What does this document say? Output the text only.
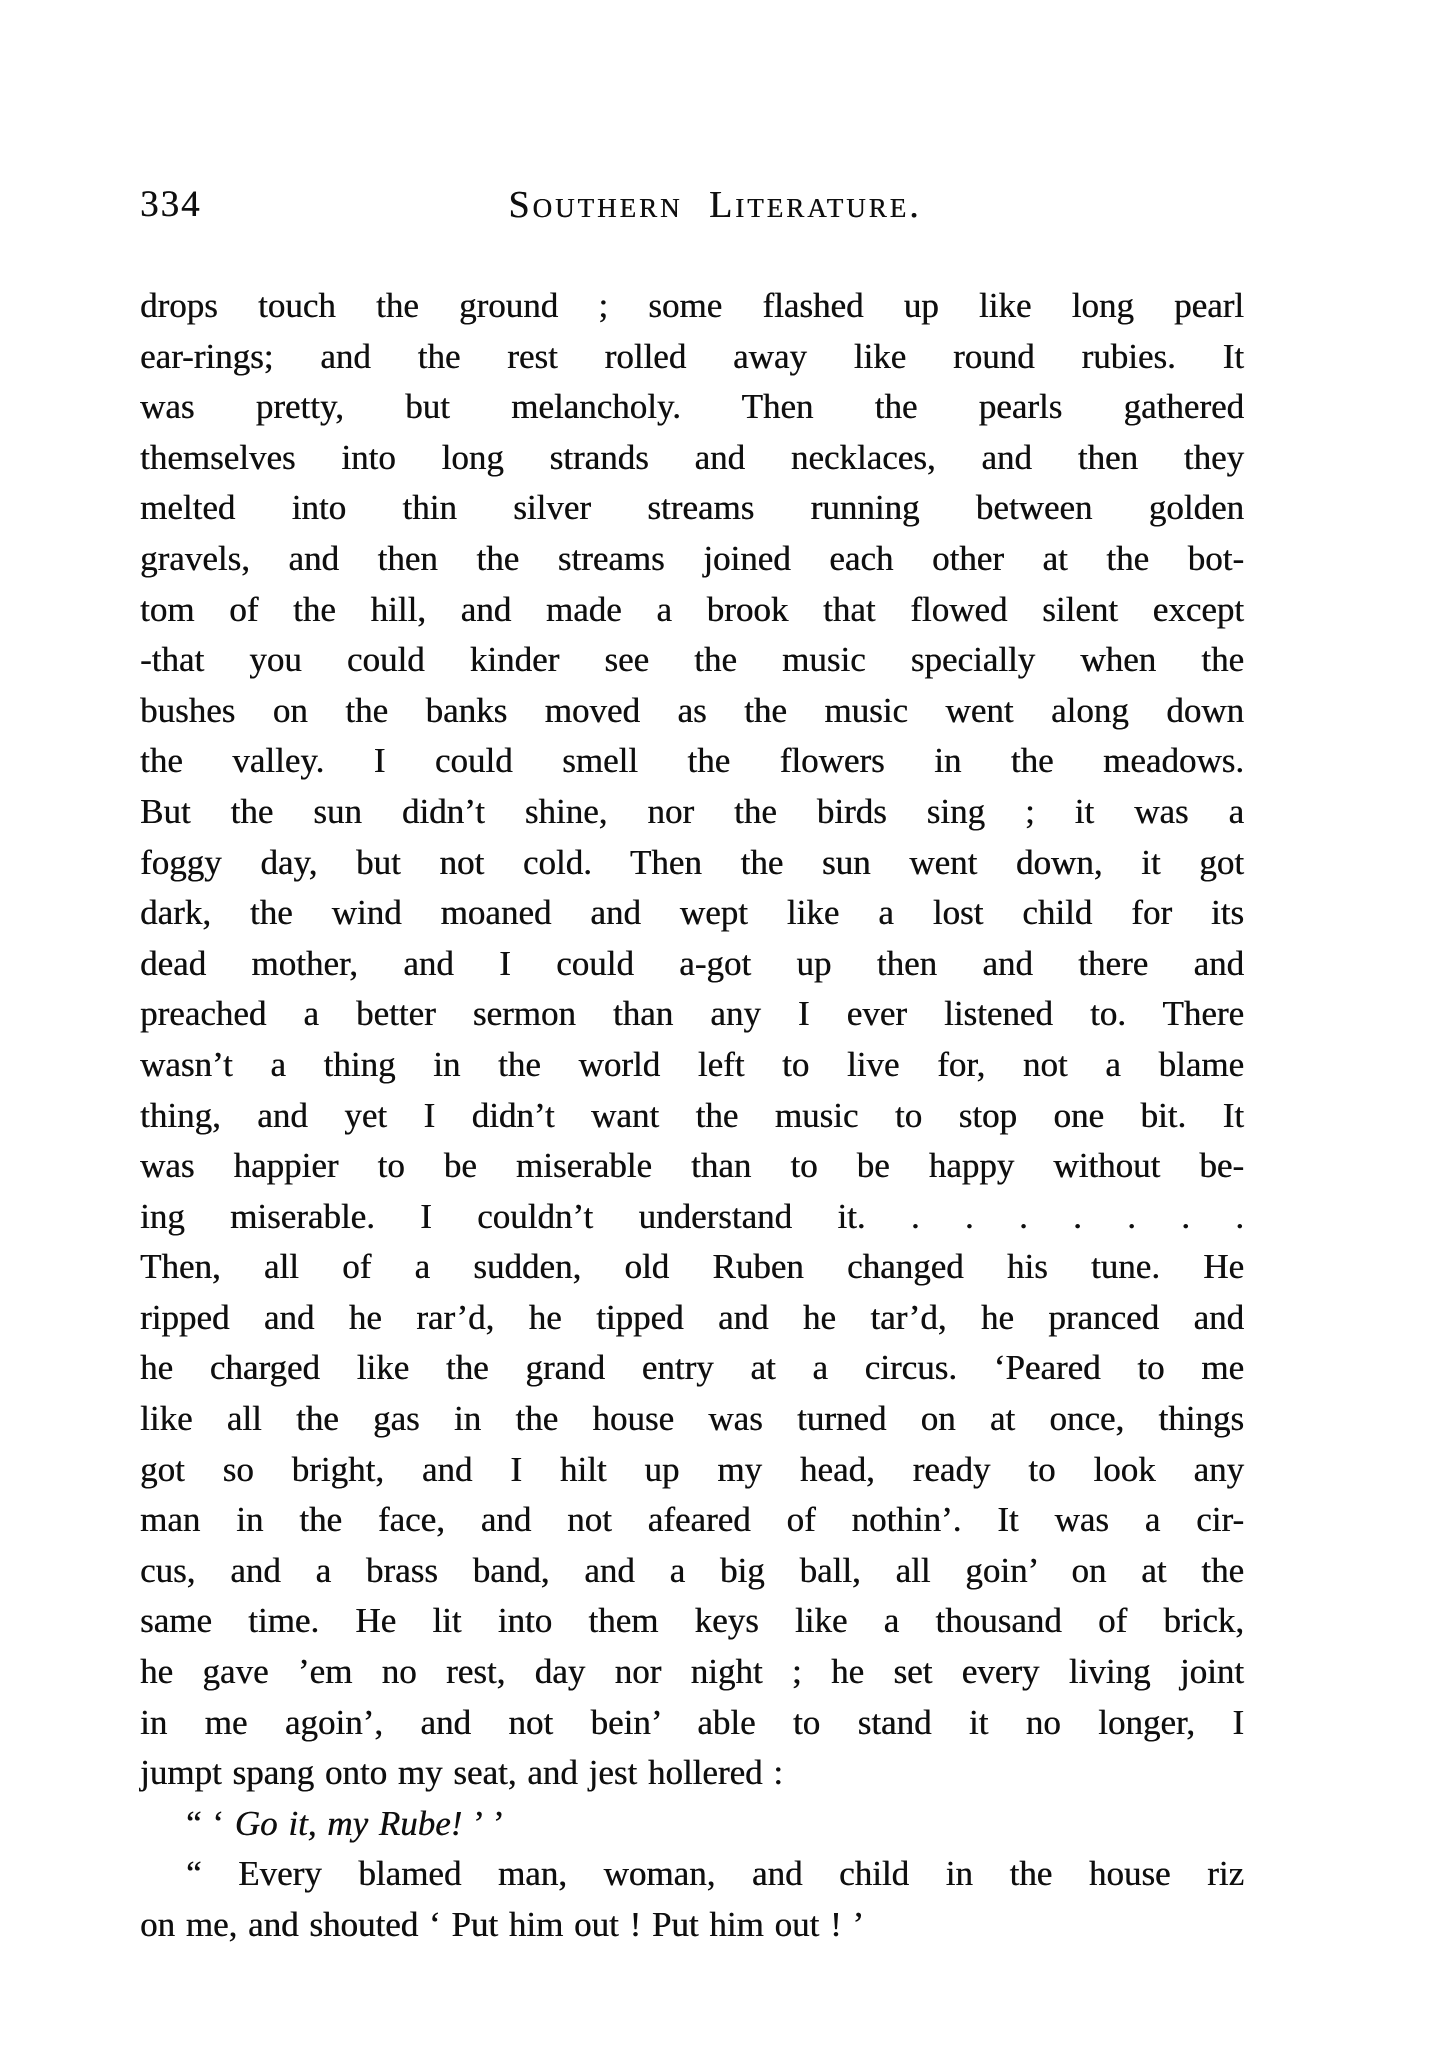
334	Southern Literature.
drops touch the ground ; some flashed up like long pearl
ear-rings; and the rest rolled away like round rubies. It
was pretty, but melancholy. Then the pearls gathered
themselves into long strands and necklaces, and then they
melted into thin silver streams running between golden
gravels, and then the streams joined each other at the bot-
tom of the hill, and made a brook that flowed silent except
-that you could kinder see the music specially when the
bushes on the banks moved as the music went along down
the valley. I could smell the flowers in the meadows.
But the sun didn’t shine, nor the birds sing ; it was a
foggy day, but not cold. Then the sun went down, it got
dark, the wind moaned and wept like a lost child for its
dead mother, and I could a-got up then and there and
preached a better sermon than any I ever listened to. There
wasn’t a thing in the world left to live for, not a blame
thing, and yet I didn’t want the music to stop one bit. It
was happier to be miserable than to be happy without be-
ing miserable. I couldn’t understand it. . . . . . . .
Then, all of a sudden, old Ruben changed his tune. He
ripped and he rar’d, he tipped and he tar’d, he pranced and
he charged like the grand entry at a circus. ‘Peared to me
like all the gas in the house was turned on at once, things
got so bright, and I hilt up my head, ready to look any
man in the face, and not afeared of nothin’. It was a cir-
cus, and a brass band, and a big ball, all goin’ on at the
same time. He lit into them keys like a thousand of brick,
he gave ’em no rest, day nor night ; he set every living joint
in me agoin’, and not bein’ able to stand it no longer, I
jumpt spang onto my seat, and jest hollered :
“ ‘ Go it, my Rube! ’ ’
“ Every blamed man, woman, and child in the house riz
on me, and shouted ‘ Put him out ! Put him out ! ’
